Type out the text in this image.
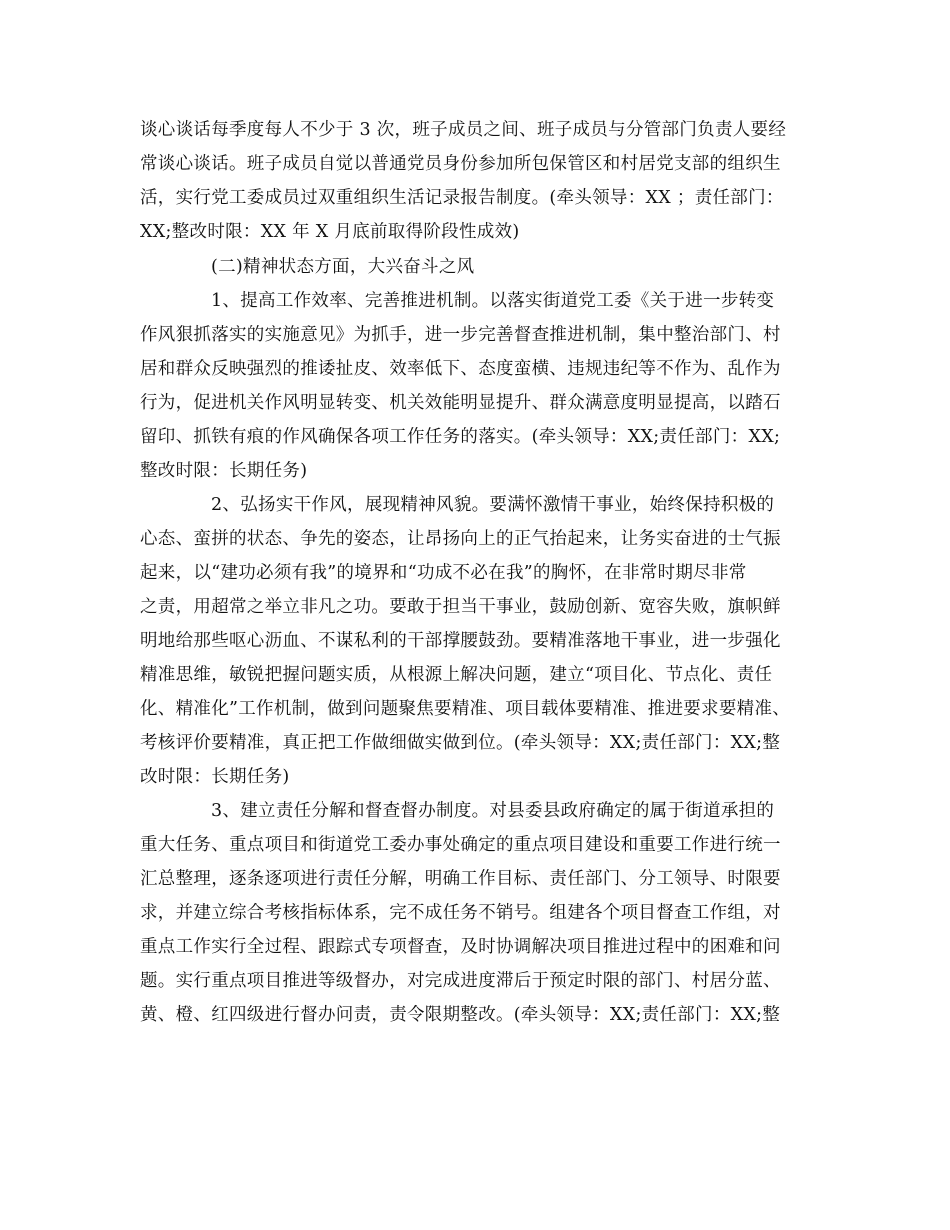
谈心谈话每季度每人不少于 3 次，班子成员之间、班子成员与分管部门负责人要经
常谈心谈话。班子成员自觉以普通党员身份参加所包保管区和村居党支部的组织生
活，实行党工委成员过双重组织生活记录报告制度。(牵头领导：XX ；责任部门：
XX;整改时限：XX 年 X 月底前取得阶段性成效)
(二)精神状态方面，大兴奋斗之风
1、提高工作效率、完善推进机制。以落实街道党工委《关于进一步转变
作风狠抓落实的实施意见》为抓手，进一步完善督查推进机制，集中整治部门、村
居和群众反映强烈的推诿扯皮、效率低下、态度蛮横、违规违纪等不作为、乱作为
行为，促进机关作风明显转变、机关效能明显提升、群众满意度明显提高，以踏石
留印、抓铁有痕的作风确保各项工作任务的落实。(牵头领导：XX;责任部门：XX;
整改时限：长期任务)
2、弘扬实干作风，展现精神风貌。要满怀激情干事业，始终保持积极的
心态、蛮拼的状态、争先的姿态，让昂扬向上的正气抬起来，让务实奋进的士气振
起来，以“建功必须有我”的境界和“功成不必在我”的胸怀，在非常时期尽非常
之责，用超常之举立非凡之功。要敢于担当干事业，鼓励创新、宽容失败，旗帜鲜
明地给那些呕心沥血、不谋私利的干部撑腰鼓劲。要精准落地干事业，进一步强化
精准思维，敏锐把握问题实质，从根源上解决问题，建立“项目化、节点化、责任
化、精准化”工作机制，做到问题聚焦要精准、项目载体要精准、推进要求要精准、
考核评价要精准，真正把工作做细做实做到位。(牵头领导：XX;责任部门：XX;整
改时限：长期任务)
3、建立责任分解和督查督办制度。对县委县政府确定的属于街道承担的
重大任务、重点项目和街道党工委办事处确定的重点项目建设和重要工作进行统一
汇总整理，逐条逐项进行责任分解，明确工作目标、责任部门、分工领导、时限要
求，并建立综合考核指标体系，完不成任务不销号。组建各个项目督查工作组，对
重点工作实行全过程、跟踪式专项督查，及时协调解决项目推进过程中的困难和问
题。实行重点项目推进等级督办，对完成进度滞后于预定时限的部门、村居分蓝、
黄、橙、红四级进行督办问责，责令限期整改。(牵头领导：XX;责任部门：XX;整
